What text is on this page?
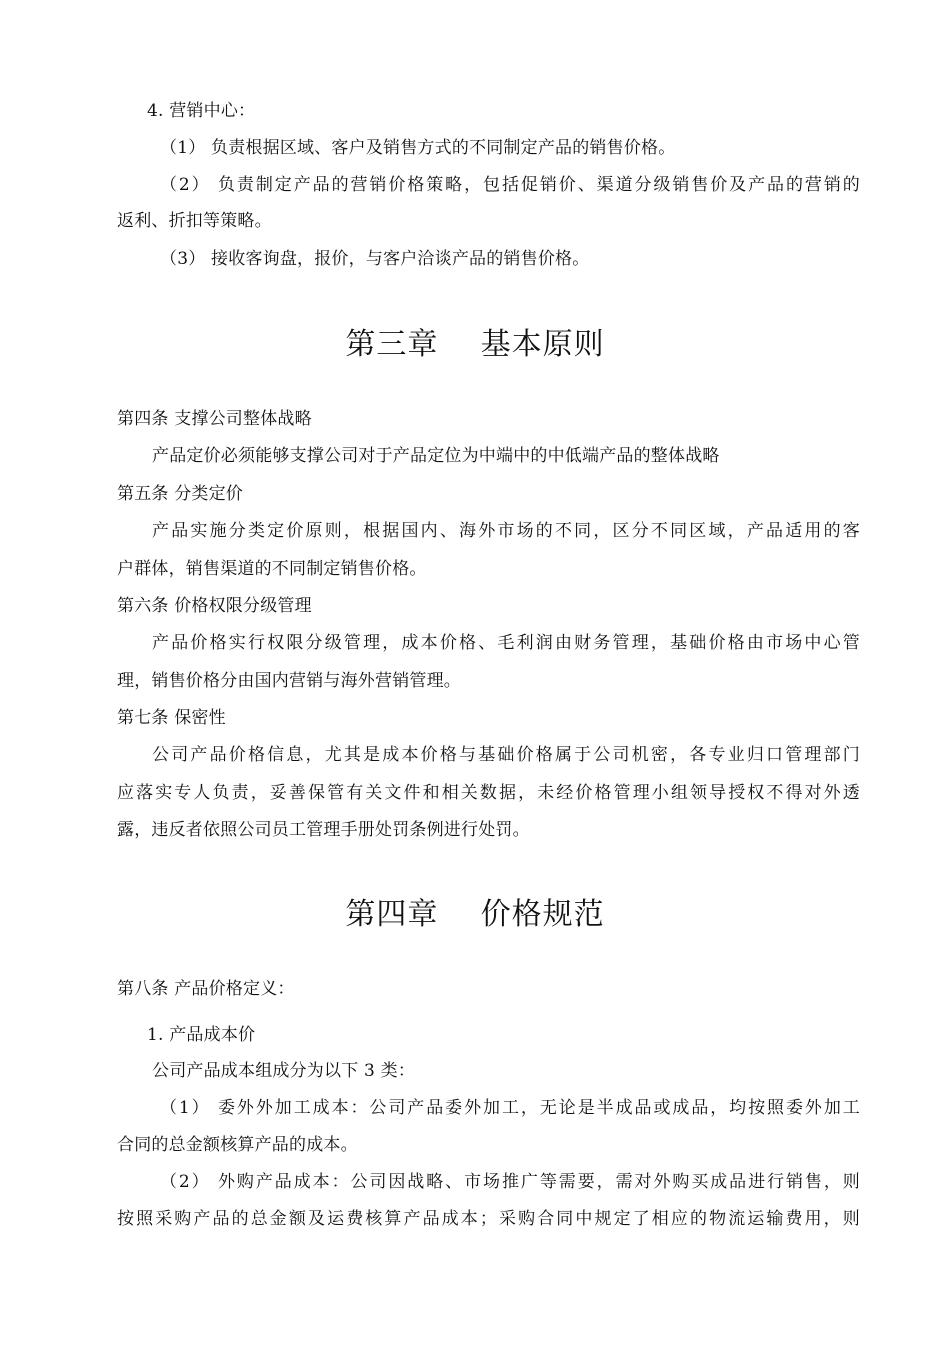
4. 营销中心：
（1） 负责根据区域、客户及销售方式的不同制定产品的销售价格。
（2） 负责制定产品的营销价格策略，包括促销价、渠道分级销售价及产品的营销的
返利、折扣等策略。
（3） 接收客询盘，报价，与客户洽谈产品的销售价格。
第三章    基本原则
第四条 支撑公司整体战略
产品定价必须能够支撑公司对于产品定位为中端中的中低端产品的整体战略
第五条 分类定价
产品实施分类定价原则，根据国内、海外市场的不同，区分不同区域，产品适用的客
户群体，销售渠道的不同制定销售价格。
第六条 价格权限分级管理
产品价格实行权限分级管理，成本价格、毛利润由财务管理，基础价格由市场中心管
理，销售价格分由国内营销与海外营销管理。
第七条 保密性
公司产品价格信息，尤其是成本价格与基础价格属于公司机密，各专业归口管理部门
应落实专人负责，妥善保管有关文件和相关数据，未经价格管理小组领导授权不得对外透
露，违反者依照公司员工管理手册处罚条例进行处罚。
第四章    价格规范
第八条 产品价格定义：
1. 产品成本价
公司产品成本组成分为以下 3 类：
（1） 委外外加工成本：公司产品委外加工，无论是半成品或成品，均按照委外加工
合同的总金额核算产品的成本。
（2） 外购产品成本：公司因战略、市场推广等需要，需对外购买成品进行销售，则
按照采购产品的总金额及运费核算产品成本；采购合同中规定了相应的物流运输费用，则
